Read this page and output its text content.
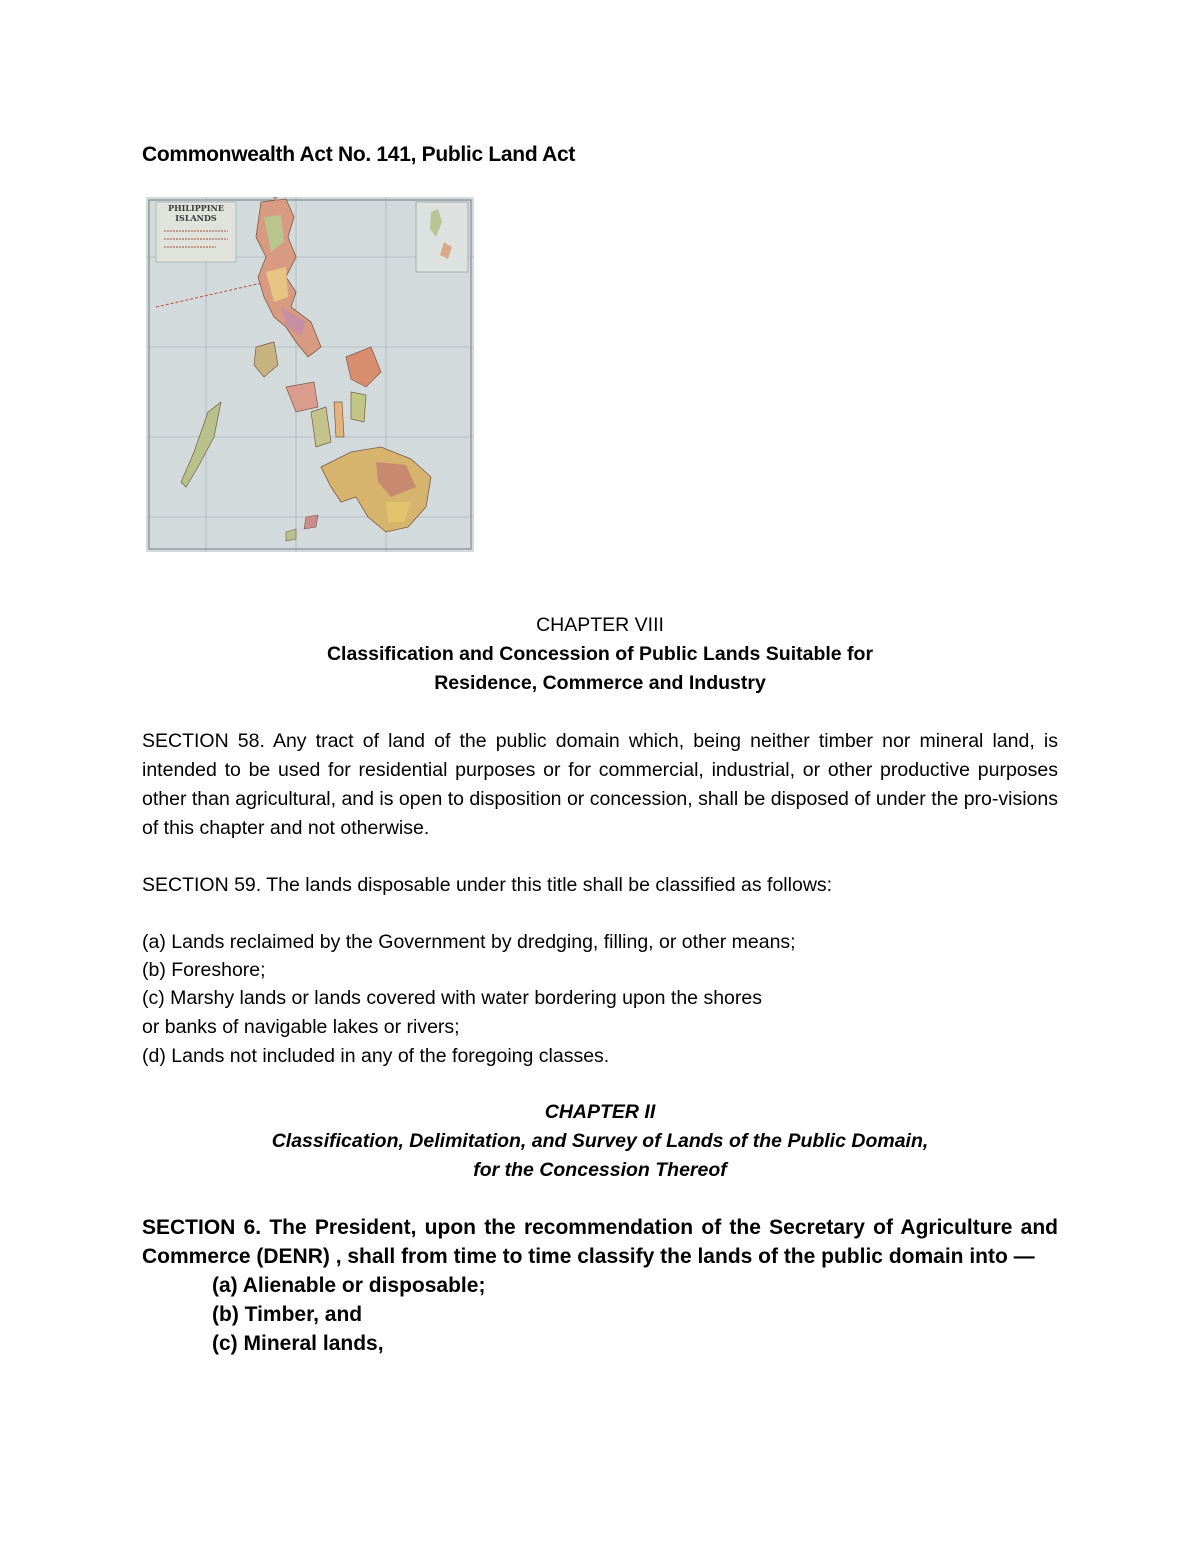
Commonwealth Act No. 141, Public Land Act
PHILIPPINE
ISLANDS
CHAPTER VIII
Classification and Concession of Public Lands Suitable for
Residence, Commerce and Industry
SECTION 58. Any tract of land of the public domain which, being neither timber nor mineral land, is intended to be used for residential purposes or for commercial, industrial, or other productive purposes other than agricultural, and is open to disposition or concession, shall be disposed of under the pro-visions of this chapter and not otherwise.
SECTION 59. The lands disposable under this title shall be classified as follows:
(a) Lands reclaimed by the Government by dredging, filling, or other means;
(b) Foreshore;
(c) Marshy lands or lands covered with water bordering upon the shores
or banks of navigable lakes or rivers;
(d) Lands not included in any of the foregoing classes.
CHAPTER II
Classification, Delimitation, and Survey of Lands of the Public Domain,
for the Concession Thereof
SECTION 6. The President, upon the recommendation of the Secretary of Agriculture and Commerce (DENR) , shall from time to time classify the lands of the public domain into —
(a) Alienable or disposable;
(b) Timber, and
(c) Mineral lands,
